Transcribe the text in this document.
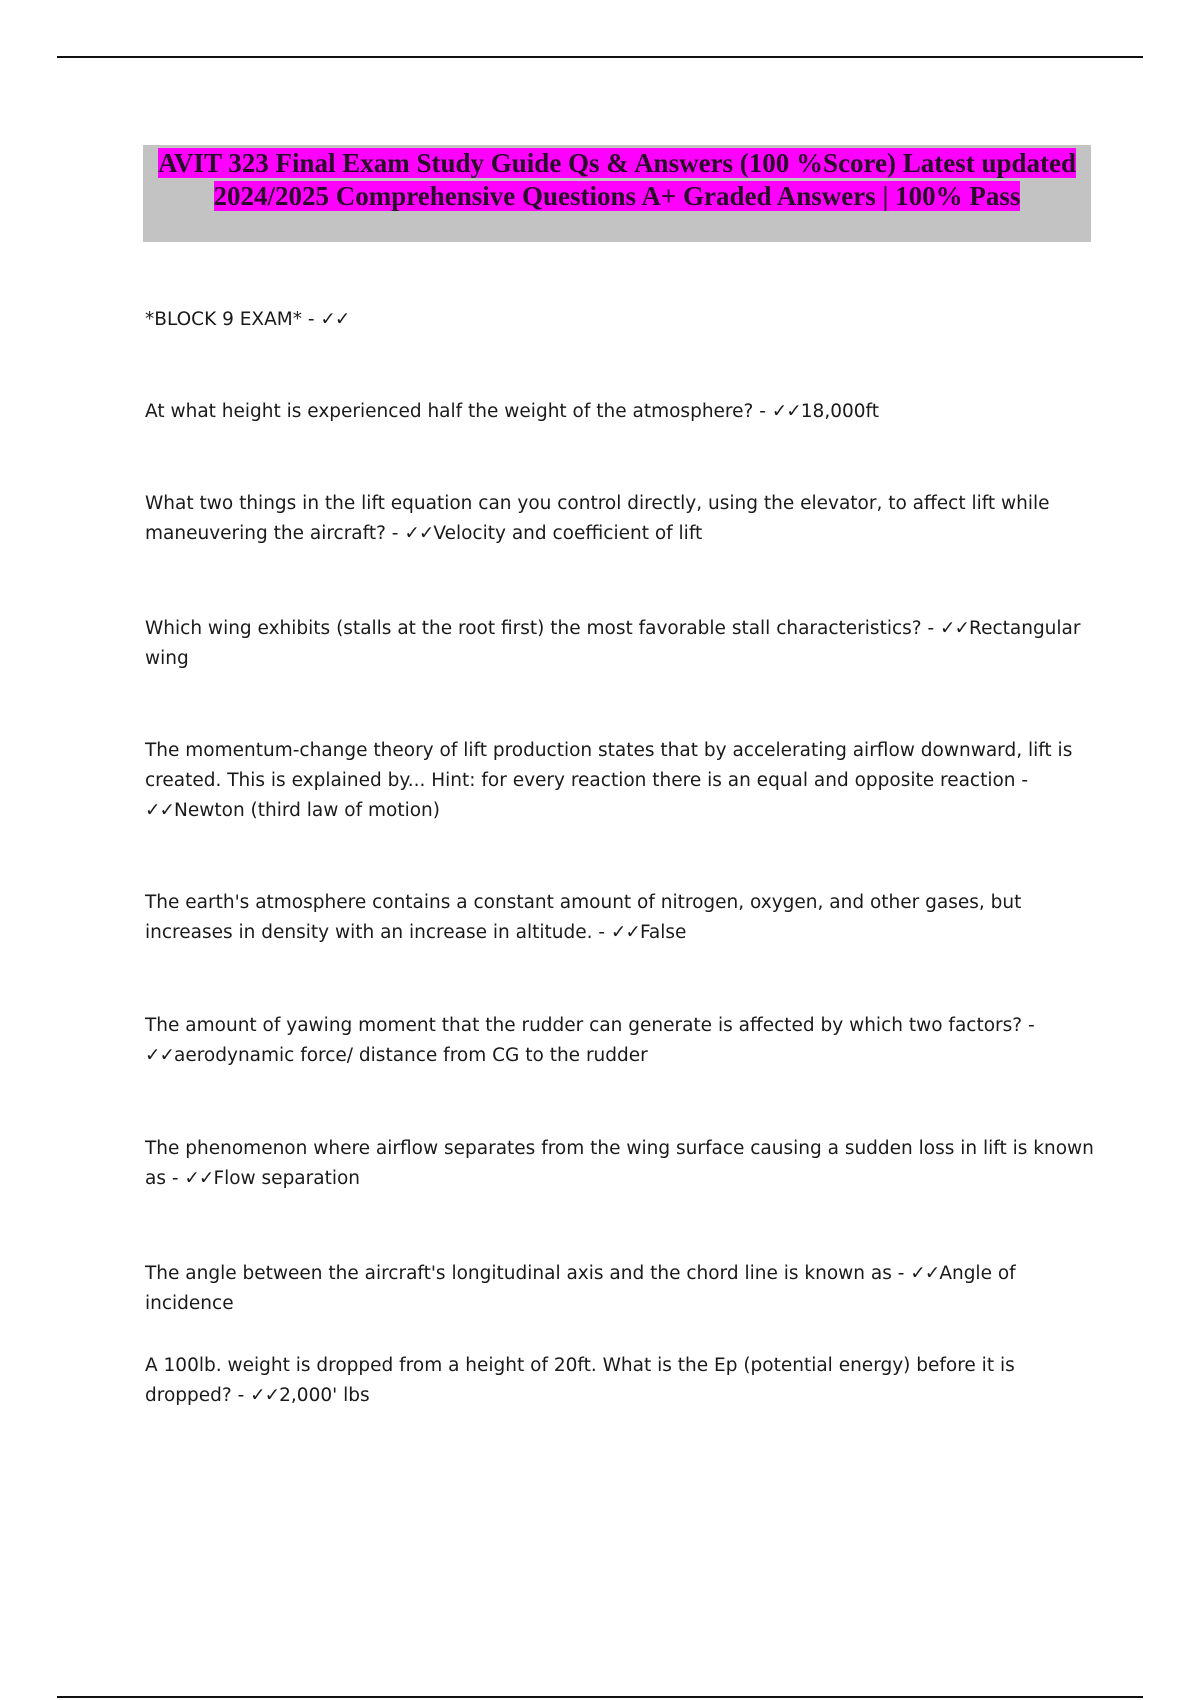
AVIT 323 Final Exam Study Guide Qs & Answers (100 %Score) Latest updated 2024/2025 Comprehensive Questions A+ Graded Answers | 100% Pass

*BLOCK 9 EXAM* - ✓✓

At what height is experienced half the weight of the atmosphere? - ✓✓18,000ft

What two things in the lift equation can you control directly, using the elevator, to affect lift while maneuvering the aircraft? - ✓✓Velocity and coefficient of lift

Which wing exhibits (stalls at the root first) the most favorable stall characteristics? - ✓✓Rectangular wing

The momentum-change theory of lift production states that by accelerating airflow downward, lift is created. This is explained by... Hint: for every reaction there is an equal and opposite reaction - ✓✓Newton (third law of motion)

The earth's atmosphere contains a constant amount of nitrogen, oxygen, and other gases, but increases in density with an increase in altitude. - ✓✓False

The amount of yawing moment that the rudder can generate is affected by which two factors? - ✓✓aerodynamic force/ distance from CG to the rudder

The phenomenon where airflow separates from the wing surface causing a sudden loss in lift is known as - ✓✓Flow separation

The angle between the aircraft's longitudinal axis and the chord line is known as - ✓✓Angle of incidence

A 100lb. weight is dropped from a height of 20ft. What is the Ep (potential energy) before it is dropped? - ✓✓2,000' lbs
